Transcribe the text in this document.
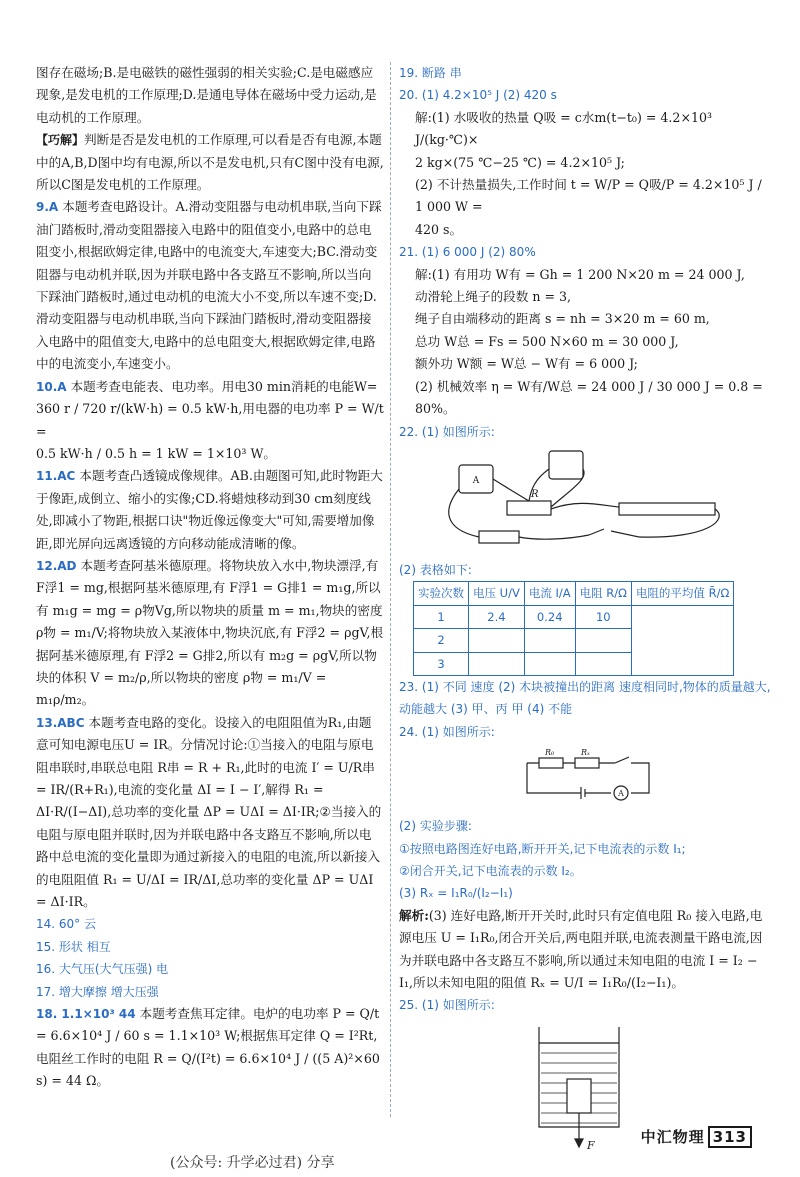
图存在磁场;B.是电磁铁的磁性强弱的相关实验;C.是电磁感应现象,是发电机的工作原理;D.是通电导体在磁场中受力运动,是电动机的工作原理。

【巧解】判断是否是发电机的工作原理,可以看是否有电源,本题中的A,B,D图中均有电源,所以不是发电机,只有C图中没有电源,所以C图是发电机的工作原理。

9.A 本题考查电路设计。A.滑动变阻器与电动机串联,当向下踩油门踏板时,滑动变阻器接入电路中的阻值变小,电路中的总电阻变小,根据欧姆定律,电路中的电流变大,车速变大;BC.滑动变阻器与电动机并联,因为并联电路中各支路互不影响,所以当向下踩油门踏板时,通过电动机的电流大小不变,所以车速不变;D.滑动变阻器与电动机串联,当向下踩油门踏板时,滑动变阻器接入电路中的阻值变大,电路中的总电阻变大,根据欧姆定律,电路中的电流变小,车速变小。

10.A 本题考查电能表、电功率。用电30 min消耗的电能W=

360 r / 720 r/(kW·h) = 0.5 kW·h,用电器的电功率 P = W/t =

0.5 kW·h / 0.5 h = 1 kW = 1×10³ W。

11.AC 本题考查凸透镜成像规律。AB.由题图可知,此时物距大于像距,成倒立、缩小的实像;CD.将蜡烛移动到30 cm刻度线处,即减小了物距,根据口诀"物近像远像变大"可知,需要增加像距,即光屏向远离透镜的方向移动能成清晰的像。

12.AD 本题考查阿基米德原理。将物块放入水中,物块漂浮,有 F浮1 = mg,根据阿基米德原理,有 F浮1 = G排1 = m₁g,所以有 m₁g = mg = ρ物Vg,所以物块的质量 m = m₁,物块的密度 ρ物 = m₁/V;将物块放入某液体中,物块沉底,有 F浮2 = ρgV,根据阿基米德原理,有 F浮2 = G排2,所以有 m₂g = ρgV,所以物块的体积 V = m₂/ρ,所以物块的密度 ρ物 = m₁/V = m₁ρ/m₂。

13.ABC 本题考查电路的变化。设接入的电阻阻值为R₁,由题意可知电源电压U = IR。分情况讨论:①当接入的电阻与原电阻串联时,串联总电阻 R串 = R + R₁,此时的电流 I′ = U/R串 = IR/(R+R₁),电流的变化量 ΔI = I − I′,解得 R₁ = ΔI·R/(I−ΔI),总功率的变化量 ΔP = UΔI = ΔI·IR;②当接入的电阻与原电阻并联时,因为并联电路中各支路互不影响,所以电路中总电流的变化量即为通过新接入的电阻的电流,所以新接入的电阻阻值 R₁ = U/ΔI = IR/ΔI,总功率的变化量 ΔP = UΔI = ΔI·IR。

14. 60° 云

15. 形状 相互

16. 大气压(大气压强) 电

17. 增大摩擦 增大压强

18. 1.1×10³ 44 本题考查焦耳定律。电炉的电功率 P = Q/t = 6.6×10⁴ J / 60 s = 1.1×10³ W;根据焦耳定律 Q = I²Rt,电阻丝工作时的电阻 R = Q/(I²t) = 6.6×10⁴ J / ((5 A)²×60 s) = 44 Ω。

19. 断路 串

20. (1) 4.2×10⁵ J (2) 420 s

解:(1) 水吸收的热量 Q吸 = c水m(t−t₀) = 4.2×10³ J/(kg·℃)×

2 kg×(75 ℃−25 ℃) = 4.2×10⁵ J;

(2) 不计热量损失,工作时间 t = W/P = Q吸/P = 4.2×10⁵ J / 1 000 W =

420 s。

21. (1) 6 000 J (2) 80%

解:(1) 有用功 W有 = Gh = 1 200 N×20 m = 24 000 J,

动滑轮上绳子的段数 n = 3,

绳子自由端移动的距离 s = nh = 3×20 m = 60 m,

总功 W总 = Fs = 500 N×60 m = 30 000 J,

额外功 W额 = W总 − W有 = 6 000 J;

(2) 机械效率 η = W有/W总 = 24 000 J / 30 000 J = 0.8 = 80%。

22. (1) 如图所示:

A
R

(2) 表格如下:

实验次数	电压 U/V	电流 I/A	电阻 R/Ω	电阻的平均值 R̄/Ω
1	2.4	0.24	10	
2				
3				

23. (1) 不同 速度 (2) 木块被撞出的距离 速度相同时,物体的质量越大,动能越大 (3) 甲、丙 甲 (4) 不能

24. (1) 如图所示:

R₀	Rₓ
A

(2) 实验步骤:

①按照电路图连好电路,断开开关,记下电流表的示数 I₁;

②闭合开关,记下电流表的示数 I₂。

(3) Rₓ = I₁R₀/(I₂−I₁)

解析:(3) 连好电路,断开开关时,此时只有定值电阻 R₀ 接入电路,电源电压 U = I₁R₀,闭合开关后,两电阻并联,电流表测量干路电流,因为并联电路中各支路互不影响,所以通过未知电阻的电流 I = I₂ − I₁,所以未知电阻的阻值 Rₓ = U/I = I₁R₀/(I₂−I₁)。

25. (1) 如图所示:

F	中汇物理 313
(公众号: 升学必过君) 分享
